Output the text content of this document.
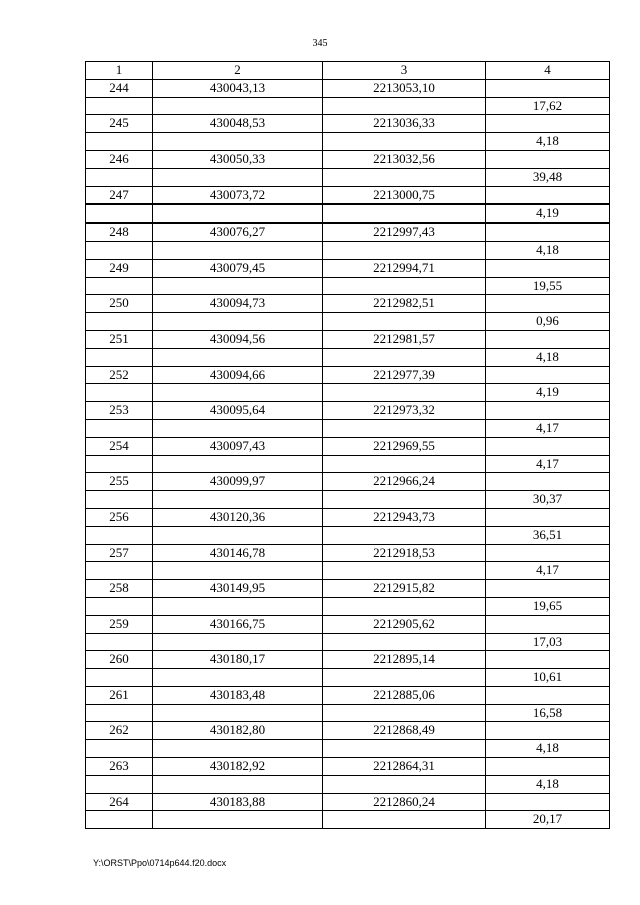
345
1	2	3	4
244	430043,13	2213053,10	
			17,62
245	430048,53	2213036,33	
			4,18
246	430050,33	2213032,56	
			39,48
247	430073,72	2213000,75	
			4,19
248	430076,27	2212997,43	
			4,18
249	430079,45	2212994,71	
			19,55
250	430094,73	2212982,51	
			0,96
251	430094,56	2212981,57	
			4,18
252	430094,66	2212977,39	
			4,19
253	430095,64	2212973,32	
			4,17
254	430097,43	2212969,55	
			4,17
255	430099,97	2212966,24	
			30,37
256	430120,36	2212943,73	
			36,51
257	430146,78	2212918,53	
			4,17
258	430149,95	2212915,82	
			19,65
259	430166,75	2212905,62	
			17,03
260	430180,17	2212895,14	
			10,61
261	430183,48	2212885,06	
			16,58
262	430182,80	2212868,49	
			4,18
263	430182,92	2212864,31	
			4,18
264	430183,88	2212860,24	
			20,17
Y:\ORST\Ppo\0714p644.f20.docx
